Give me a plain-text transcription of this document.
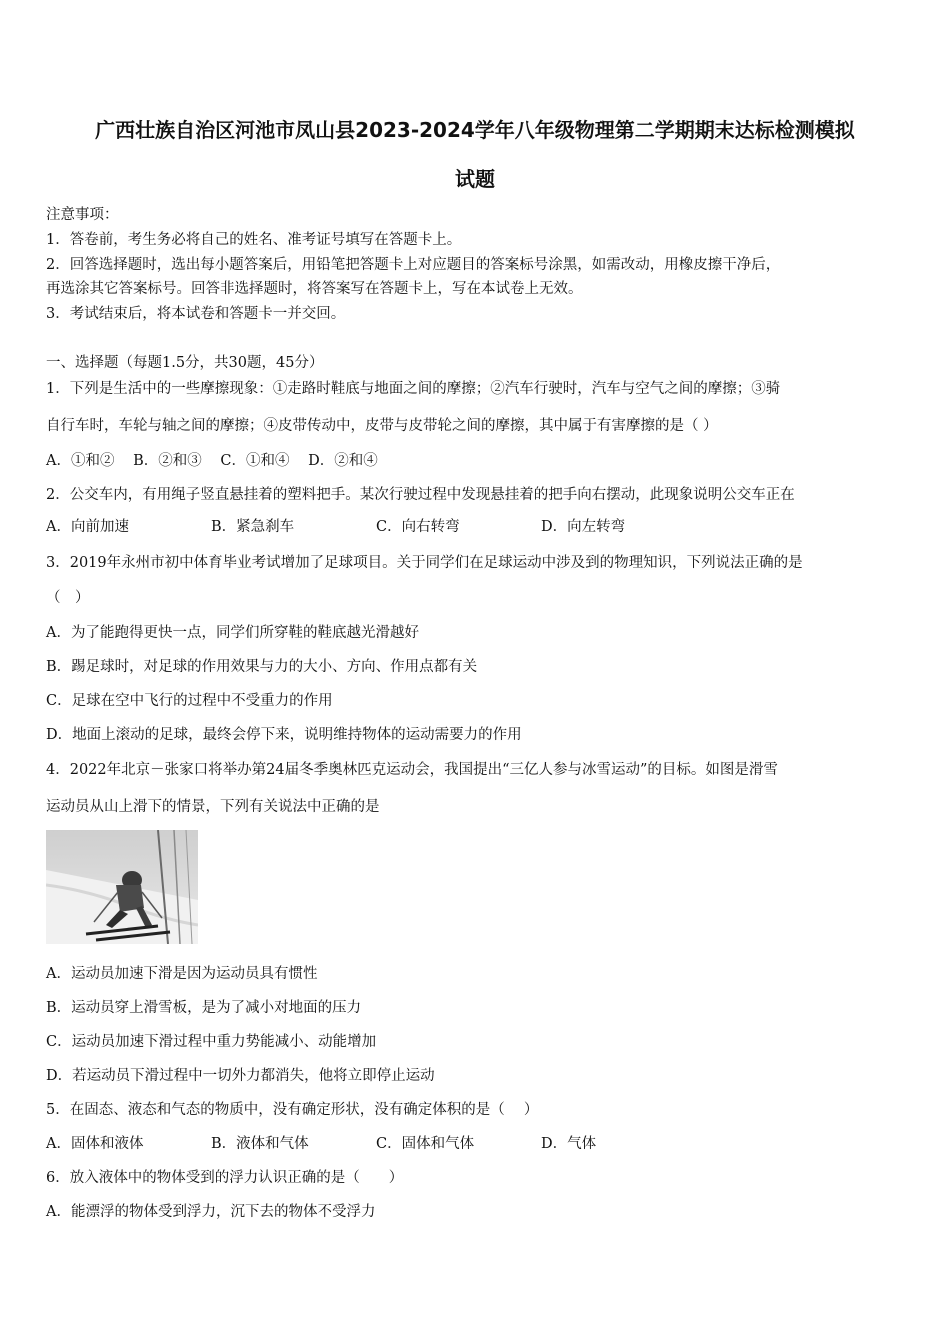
广西壮族自治区河池市凤山县2023-2024学年八年级物理第二学期期末达标检测模拟
试题
注意事项：
1．答卷前，考生务必将自己的姓名、准考证号填写在答题卡上。
2．回答选择题时，选出每小题答案后，用铅笔把答题卡上对应题目的答案标号涂黑，如需改动，用橡皮擦干净后，
再选涂其它答案标号。回答非选择题时，将答案写在答题卡上，写在本试卷上无效。
3．考试结束后，将本试卷和答题卡一并交回。
一、选择题（每题1.5分，共30题，45分）
1．下列是生活中的一些摩擦现象：①走路时鞋底与地面之间的摩擦；②汽车行驶时，汽车与空气之间的摩擦；③骑
自行车时，车轮与轴之间的摩擦；④皮带传动中，皮带与皮带轮之间的摩擦，其中属于有害摩擦的是（ ）
A．①和② B．②和③ C．①和④ D．②和④
2．公交车内，有用绳子竖直悬挂着的塑料把手。某次行驶过程中发现悬挂着的把手向右摆动，此现象说明公交车正在
A．向前加速	B．紧急刹车	C．向右转弯	D．向左转弯
3．2019年永州市初中体育毕业考试增加了足球项目。关于同学们在足球运动中涉及到的物理知识，下列说法正确的是
（　）
A．为了能跑得更快一点，同学们所穿鞋的鞋底越光滑越好
B．踢足球时，对足球的作用效果与力的大小、方向、作用点都有关
C．足球在空中飞行的过程中不受重力的作用
D．地面上滚动的足球，最终会停下来，说明维持物体的运动需要力的作用
4．2022年北京－张家口将举办第24届冬季奥林匹克运动会，我国提出“三亿人参与冰雪运动”的目标。如图是滑雪
运动员从山上滑下的情景，下列有关说法中正确的是
A．运动员加速下滑是因为运动员具有惯性
B．运动员穿上滑雪板，是为了减小对地面的压力
C．运动员加速下滑过程中重力势能减小、动能增加
D．若运动员下滑过程中一切外力都消失，他将立即停止运动
5．在固态、液态和气态的物质中，没有确定形状，没有确定体积的是（　 ）
A．固体和液体	B．液体和气体	C．固体和气体	D．气体
6．放入液体中的物体受到的浮力认识正确的是（　　）
A．能漂浮的物体受到浮力，沉下去的物体不受浮力
